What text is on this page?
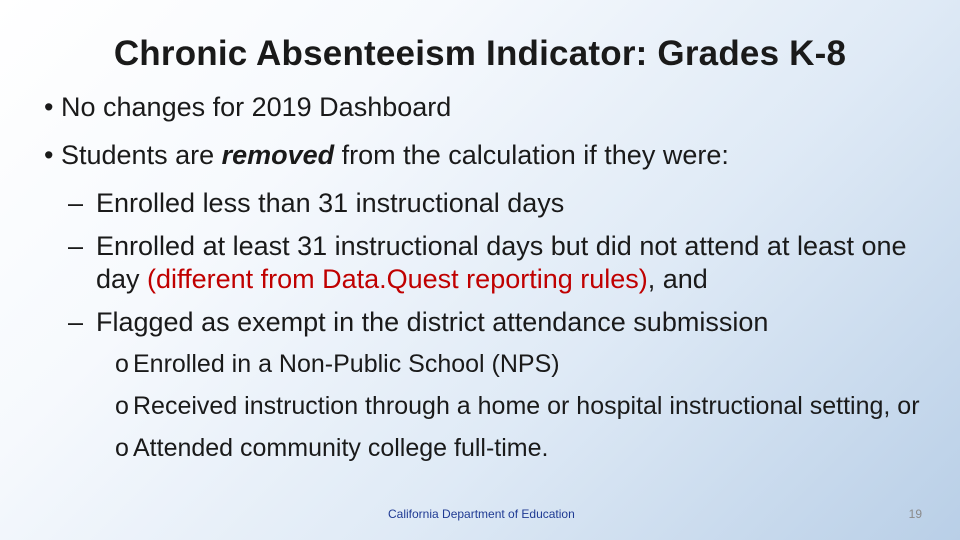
Chronic Absenteeism Indicator: Grades K-8
• No changes for 2019 Dashboard
• Students are removed from the calculation if they were:
– Enrolled less than 31 instructional days
– Enrolled at least 31 instructional days but did not attend at least one day (different from Data.Quest reporting rules), and
– Flagged as exempt in the district attendance submission
o Enrolled in a Non-Public School (NPS)
o Received instruction through a home or hospital instructional setting, or
o Attended community college full-time.
California Department of Education	19
